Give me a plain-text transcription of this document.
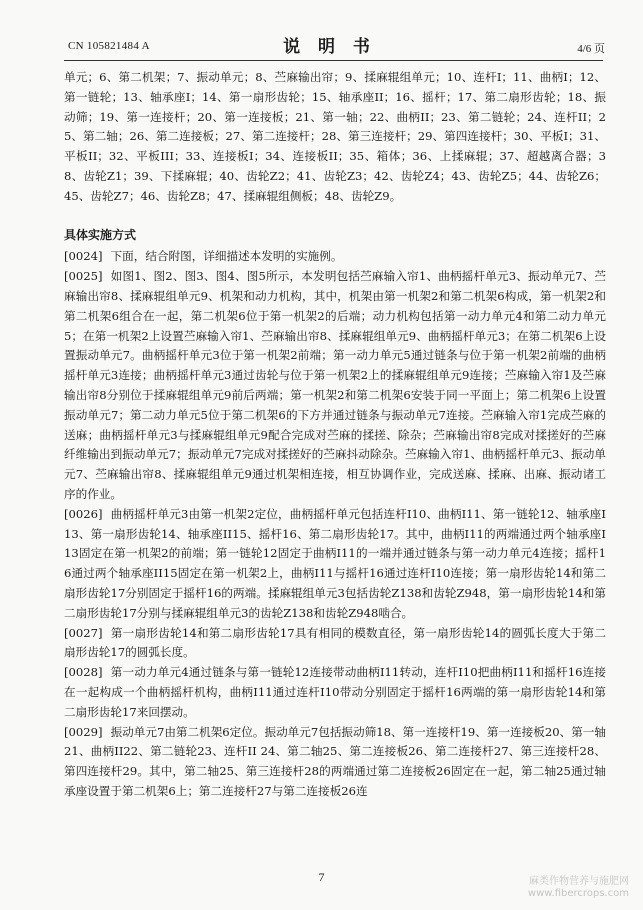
CN 105821484 A	说 明 书	4/6 页

单元；6、第二机架；7、振动单元；8、苎麻输出帘；9、揉麻辊组单元；10、连杆I；11、曲柄I；12、第一链轮；13、轴承座I；14、第一扇形齿轮；15、轴承座II；16、摇杆；17、第二扇形齿轮；18、振动筛；19、第一连接杆；20、第一连接板；21、第一轴；22、曲柄II；23、第二链轮；24、连杆II；25、第二轴；26、第二连接板；27、第二连接杆；28、第三连接杆；29、第四连接杆；30、平板I；31、平板II；32、平板III；33、连接板I；34、连接板II；35、箱体；36、上揉麻辊；37、超越离合器；38、齿轮Z1；39、下揉麻辊；40、齿轮Z2；41、齿轮Z3；42、齿轮Z4；43、齿轮Z5；44、齿轮Z6；45、齿轮Z7；46、齿轮Z8；47、揉麻辊组侧板；48、齿轮Z9。

具体实施方式

[0024] 下面，结合附图，详细描述本发明的实施例。

[0025] 如图1、图2、图3、图4、图5所示，本发明包括苎麻输入帘1、曲柄摇杆单元3、振动单元7、苎麻输出帘8、揉麻辊组单元9、机架和动力机构，其中，机架由第一机架2和第二机架6构成，第一机架2和第二机架6组合在一起，第二机架6位于第一机架2的后端；动力机构包括第一动力单元4和第二动力单元5；在第一机架2上设置苎麻输入帘1、苎麻输出帘8、揉麻辊组单元9、曲柄摇杆单元3；在第二机架6上设置振动单元7。曲柄摇杆单元3位于第一机架2前端；第一动力单元5通过链条与位于第一机架2前端的曲柄摇杆单元3连接；曲柄摇杆单元3通过齿轮与位于第一机架2上的揉麻辊组单元9连接；苎麻输入帘1及苎麻输出帘8分别位于揉麻辊组单元9前后两端；第一机架2和第二机架6安装于同一平面上；第二机架6上设置振动单元7；第二动力单元5位于第二机架6的下方并通过链条与振动单元7连接。苎麻输入帘1完成苎麻的送麻；曲柄摇杆单元3与揉麻辊组单元9配合完成对苎麻的揉搓、除杂；苎麻输出帘8完成对揉搓好的苎麻纤维输出到振动单元7；振动单元7完成对揉搓好的苎麻抖动除杂。苎麻输入帘1、曲柄摇杆单元3、振动单元7、苎麻输出帘8、揉麻辊组单元9通过机架相连接，相互协调作业，完成送麻、揉麻、出麻、振动诸工序的作业。

[0026] 曲柄摇杆单元3由第一机架2定位，曲柄摇杆单元包括连杆I10、曲柄I11、第一链轮12、轴承座I13、第一扇形齿轮14、轴承座II15、摇杆16、第二扇形齿轮17。其中，曲柄I11的两端通过两个轴承座I13固定在第一机架2的前端；第一链轮12固定于曲柄I11的一端并通过链条与第一动力单元4连接；摇杆16通过两个轴承座II15固定在第一机架2上，曲柄I11与摇杆16通过连杆I10连接；第一扇形齿轮14和第二扇形齿轮17分别固定于摇杆16的两端。揉麻辊组单元3包括齿轮Z138和齿轮Z948，第一扇形齿轮14和第二扇形齿轮17分别与揉麻辊组单元3的齿轮Z138和齿轮Z948啮合。

[0027] 第一扇形齿轮14和第二扇形齿轮17具有相同的模数直径，第一扇形齿轮14的圆弧长度大于第二扇形齿轮17的圆弧长度。

[0028] 第一动力单元4通过链条与第一链轮12连接带动曲柄I11转动，连杆I10把曲柄I11和摇杆16连接在一起构成一个曲柄摇杆机构，曲柄I11通过连杆I10带动分别固定于摇杆16两端的第一扇形齿轮14和第二扇形齿轮17来回摆动。

[0029] 振动单元7由第二机架6定位。振动单元7包括振动筛18、第一连接杆19、第一连接板20、第一轴21、曲柄II22、第二链轮23、连杆II 24、第二轴25、第二连接板26、第二连接杆27、第三连接杆28、第四连接杆29。其中，第二轴25、第三连接杆28的两端通过第二连接板26固定在一起，第二轴25通过轴承座设置于第二机架6上；第二连接杆27与第二连接板26连

7	麻类作物营养与施肥网
www.fibercrops.com
